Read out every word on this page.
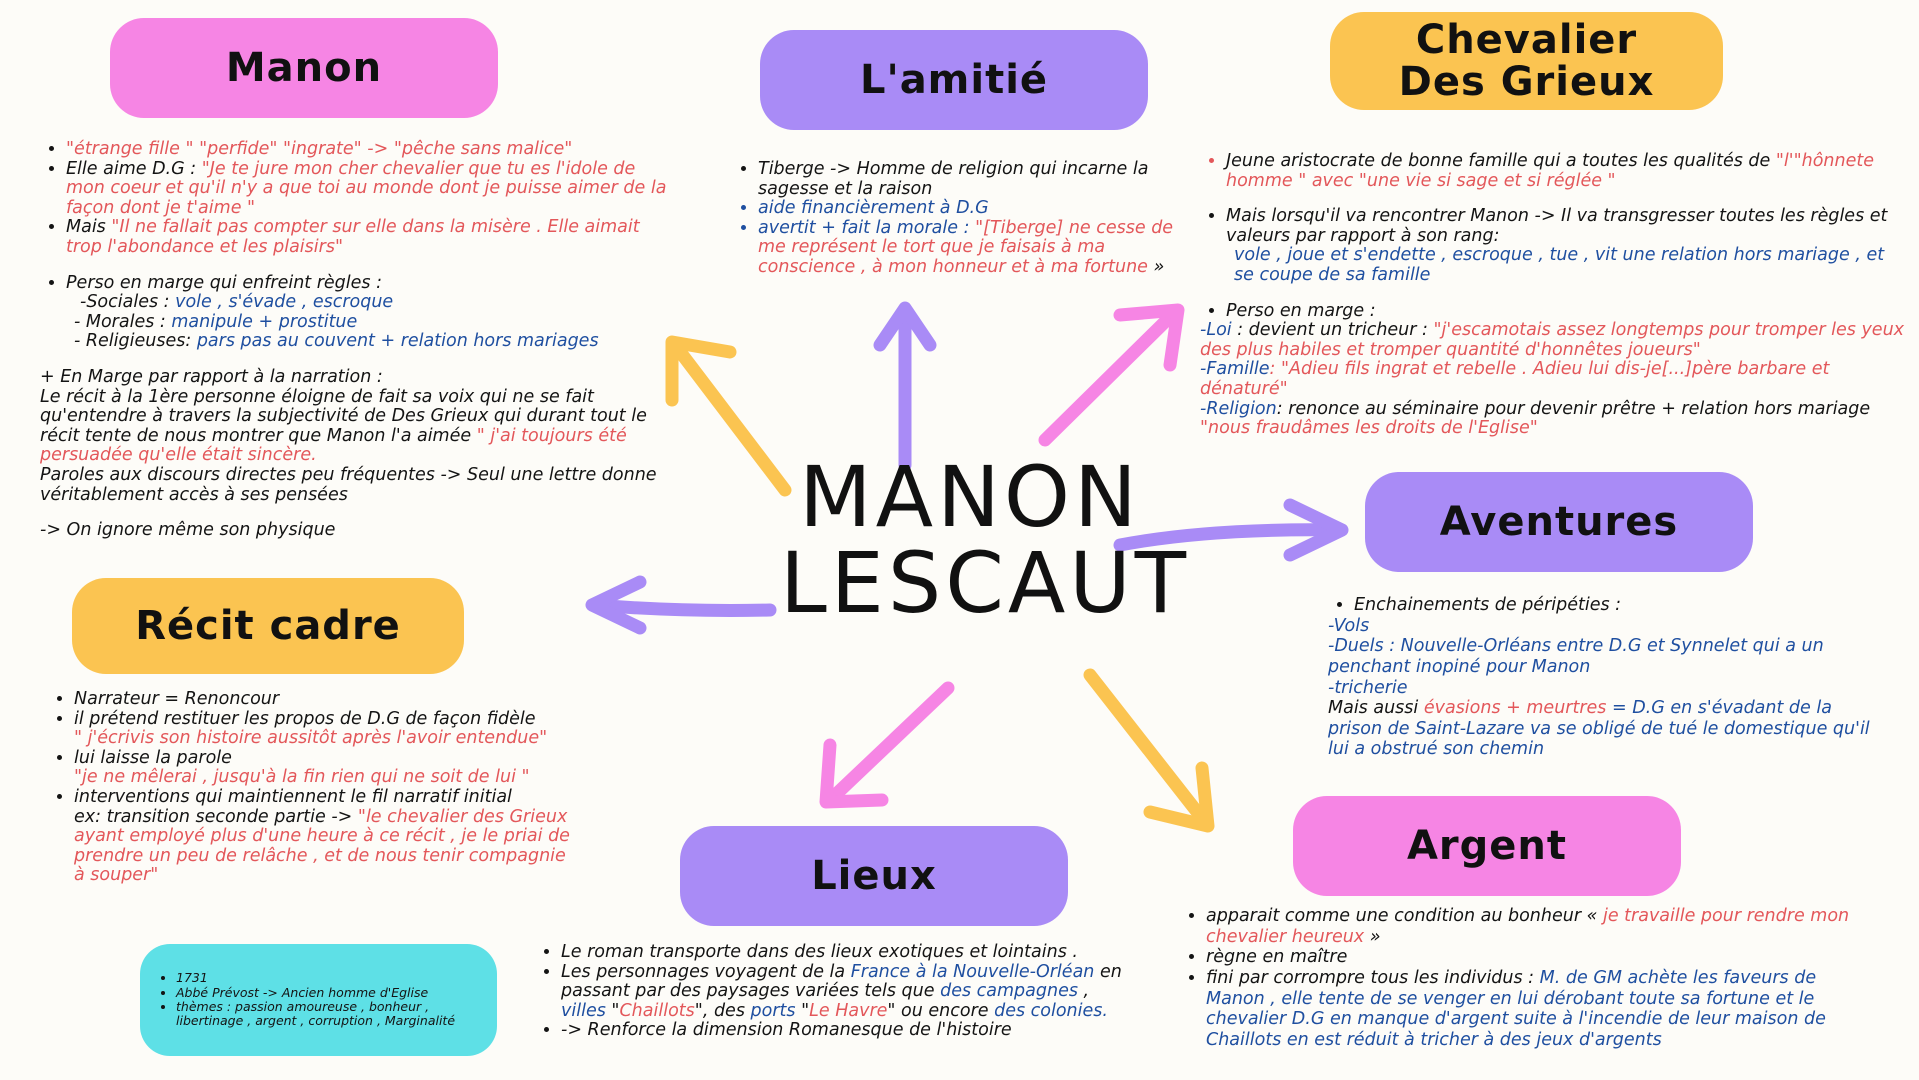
MANON
LESCAUT
Manon	L'amitié
Chevalier Des Grieux
Aventures
Récit cadre
Lieux
Argent
• "étrange fille " "perfide" "ingrate" -> "pêche sans malice"
• Elle aime D.G : "Je te jure mon cher chevalier que tu es l'idole de mon coeur et qu'il n'y a que toi au monde dont je puisse aimer de la façon dont je t'aime "
• Mais "Il ne fallait pas compter sur elle dans la misère . Elle aimait trop l'abondance et les plaisirs"
• Perso en marge qui enfreint règles :

-Sociales : vole , s'évade , escroque

- Morales : manipule + prostitue

- Religieuses: pars pas au couvent + relation hors mariages

+ En Marge par rapport à la narration :

Le récit à la 1ère personne éloigne de fait sa voix qui ne se fait qu'entendre à travers la subjectivité de Des Grieux qui durant tout le récit tente de nous montrer que Manon l'a aimée " j'ai toujours été persuadée qu'elle était sincère.

Paroles aux discours directes peu fréquentes -> Seul une lettre donne véritablement accès à ses pensées

-> On ignore même son physique

• Tiberge -> Homme de religion qui incarne la sagesse et la raison
• aide financièrement à D.G
• avertit + fait la morale : "[Tiberge] ne cesse de me représent le tort que je faisais à ma conscience , à mon honneur et à ma fortune »
• Jeune aristocrate de bonne famille qui a toutes les qualités de "l'"hônnete homme " avec "une vie si sage et si réglée "
• Mais lorsqu'il va rencontrer Manon -> Il va transgresser toutes les règles et valeurs par rapport à son rang:

vole , joue et s'endette , escroque , tue , vit une relation hors mariage , et se coupe de sa famille

• Perso en marge :

-Loi : devient un tricheur : "j'escamotais assez longtemps pour tromper les yeux des plus habiles et tromper quantité d'honnêtes joueurs"

-Famille: "Adieu fils ingrat et rebelle . Adieu lui dis-je[...]père barbare et dénaturé"

-Religion: renonce au séminaire pour devenir prêtre + relation hors mariage

"nous fraudâmes les droits de l'Eglise"

• Enchainements de péripéties :

-Vols

-Duels : Nouvelle-Orléans entre D.G et Synnelet qui a un penchant inopiné pour Manon

-tricherie

Mais aussi évasions + meurtres = D.G en s'évadant de la prison de Saint-Lazare va se obligé de tué le domestique qu'il lui a obstrué son chemin

• Narrateur = Renoncour
• il prétend restituer les propos de D.G de façon fidèle
" j'écrivis son histoire aussitôt après l'avoir entendue"
• lui laisse la parole
"je ne mêlerai , jusqu'à la fin rien qui ne soit de lui "
• interventions qui maintiennent le fil narratif initial
ex: transition seconde partie -> "le chevalier des Grieux ayant employé plus d'une heure à ce récit , je le priai de prendre un peu de relâche , et de nous tenir compagnie à souper"
• 1731
• Abbé Prévost -> Ancien homme d'Eglise
• thèmes : passion amoureuse , bonheur , libertinage , argent , corruption , Marginalité
• Le roman transporte dans des lieux exotiques et lointains .
• Les personnages voyagent de la France à la Nouvelle-Orléan en passant par des paysages variées tels que des campagnes , villes "Chaillots", des ports "Le Havre" ou encore des colonies.
• -> Renforce la dimension Romanesque de l'histoire
• apparait comme une condition au bonheur « je travaille pour rendre mon chevalier heureux »
• règne en maître
• fini par corrompre tous les individus : M. de GM achète les faveurs de Manon , elle tente de se venger en lui dérobant toute sa fortune et le chevalier D.G en manque d'argent suite à l'incendie de leur maison de Chaillots en est réduit à tricher à des jeux d'argents
